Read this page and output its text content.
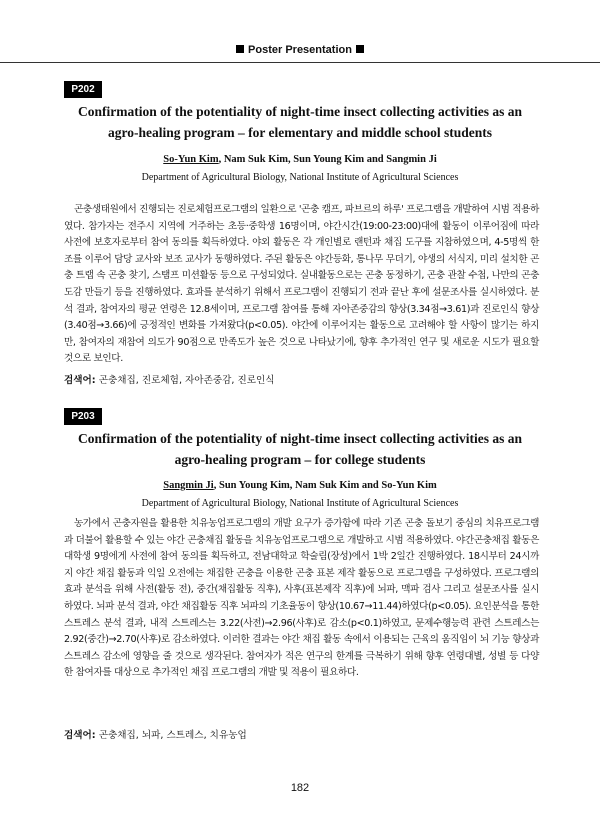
Poster Presentation
P202
Confirmation of the potentiality of night-time insect collecting activities as an
agro-healing program – for elementary and middle school students
So-Yun Kim, Nam Suk Kim, Sun Young Kim and Sangmin Ji
Department of Agricultural Biology, National Institute of Agricultural Sciences

곤충생태원에서 진행되는 진로체험프로그램의 일환으로 '곤충 캠프, 파브르의 하루' 프로그램을 개발하여 시범 적용하였다. 참가자는 전주시 지역에 거주하는 초등·중학생 16명이며, 야간시간(19:00-23:00)대에 활동이 이루어짐에 따라 사전에 보호자로부터 참여 동의를 획득하였다. 야외 활동은 각 개인별로 랜턴과 채집 도구를 지참하였으며, 4-5명씩 한 조를 이루어 담당 교사와 보조 교사가 동행하였다. 주된 활동은 야간등화, 통나무 무더기, 야생의 서식지, 미리 설치한 곤충 트랩 속 곤충 찾기, 스탬프 미션활동 등으로 구성되었다. 실내활동으로는 곤충 동정하기, 곤충 관찰 수첩, 나만의 곤충도감 만들기 등을 진행하였다. 효과를 분석하기 위해서 프로그램이 진행되기 전과 끝난 후에 설문조사를 실시하였다. 분석 결과, 참여자의 평균 연령은 12.8세이며, 프로그램 참여를 통해 자아존중감의 향상(3.34점→3.61)과 진로인식 향상(3.40점→3.66)에 긍정적인 변화를 가져왔다(p<0.05). 야간에 이루어지는 활동으로 고려해야 할 사항이 많기는 하지만, 참여자의 재참여 의도가 90점으로 만족도가 높은 것으로 나타났기에, 향후 추가적인 연구 및 새로운 시도가 필요할 것으로 보인다.

검색어: 곤충채집, 진로체험, 자아존중감, 진로인식
P203
Confirmation of the potentiality of night-time insect collecting activities as an
agro-healing program – for college students
Sangmin Ji, Sun Young Kim, Nam Suk Kim and So-Yun Kim
Department of Agricultural Biology, National Institute of Agricultural Sciences

농가에서 곤충자원을 활용한 치유농업프로그램의 개발 요구가 증가함에 따라 기존 곤충 돌보기 중심의 치유프로그램과 더불어 활용할 수 있는 야간 곤충채집 활동을 치유농업프로그램으로 개발하고 시범 적용하였다. 야간곤충채집 활동은 대학생 9명에게 사전에 참여 동의를 획득하고, 전남대학교 학술림(장성)에서 1박 2일간 진행하였다. 18시부터 24시까지 야간 채집 활동과 익일 오전에는 채집한 곤충을 이용한 곤충 표본 제작 활동으로 프로그램을 구성하였다. 프로그램의 효과 분석을 위해 사전(활동 전), 중간(채집활동 직후), 사후(표본제작 직후)에 뇌파, 맥파 검사 그리고 설문조사를 실시하였다. 뇌파 분석 결과, 야간 채집활동 직후 뇌파의 기초율동이 향상(10.67→11.44)하였다(p<0.05). 요인분석을 통한 스트레스 분석 결과, 내적 스트레스는 3.22(사전)→2.96(사후)로 감소(p<0.1)하였고, 문제수행능력 관련 스트레스는 2.92(중간)→2.70(사후)로 감소하였다. 이러한 결과는 야간 채집 활동 속에서 이용되는 근육의 움직임이 뇌 기능 향상과 스트레스 감소에 영향을 줄 것으로 생각된다. 참여자가 적은 연구의 한계를 극복하기 위해 향후 연령대별, 성별 등 다양한 참여자를 대상으로 추가적인 채집 프로그램의 개발 및 적용이 필요하다.

검색어: 곤충채집, 뇌파, 스트레스, 치유농업
182
